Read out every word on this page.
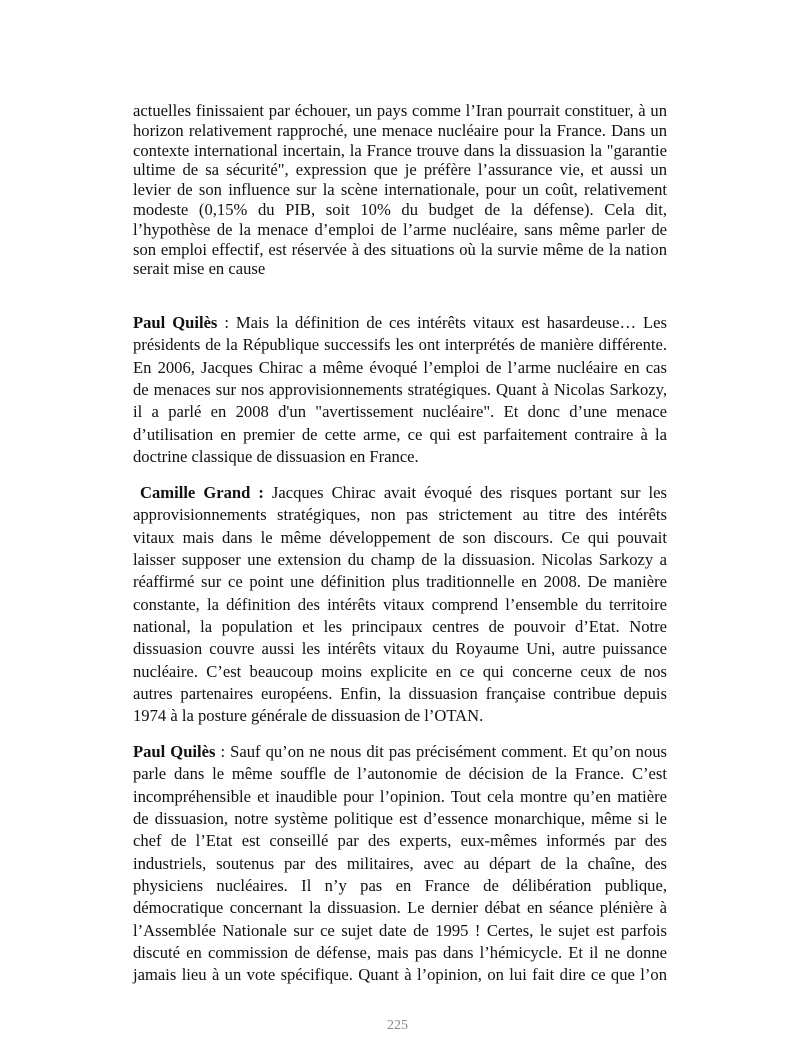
actuelles finissaient par échouer, un pays comme l’Iran pourrait constituer, à un
horizon relativement rapproché, une menace nucléaire pour la France. Dans un
contexte international incertain, la France trouve dans la dissuasion la "garantie
ultime de sa sécurité", expression que je préfère l’assurance vie, et aussi un
levier de son influence sur la scène internationale, pour un coût, relativement
modeste (0,15% du PIB, soit 10% du budget de la défense). Cela dit,
l’hypothèse de la menace d’emploi de l’arme nucléaire, sans même parler de
son emploi effectif, est réservée à des situations où la survie même de la nation
serait mise en cause
Paul Quilès : Mais la définition de ces intérêts vitaux est hasardeuse… Les
présidents de la République successifs les ont interprétés de manière différente.
En 2006, Jacques Chirac a même évoqué l’emploi de l’arme nucléaire en cas
de menaces sur nos approvisionnements stratégiques. Quant à Nicolas Sarkozy,
il a parlé en 2008 d'un "avertissement nucléaire". Et donc d’une menace
d’utilisation en premier de cette arme, ce qui est parfaitement contraire à la
doctrine classique de dissuasion en France.
Camille Grand : Jacques Chirac avait évoqué des risques portant sur les
approvisionnements stratégiques, non pas strictement au titre des intérêts
vitaux mais dans le même développement de son discours. Ce qui pouvait
laisser supposer une extension du champ de la dissuasion. Nicolas Sarkozy a
réaffirmé sur ce point une définition plus traditionnelle en 2008. De manière
constante, la définition des intérêts vitaux comprend l’ensemble du territoire
national, la population et les principaux centres de pouvoir d’Etat. Notre
dissuasion couvre aussi les intérêts vitaux du Royaume Uni, autre puissance
nucléaire. C’est beaucoup moins explicite en ce qui concerne ceux de nos
autres partenaires européens. Enfin, la dissuasion française contribue depuis
1974 à la posture générale de dissuasion de l’OTAN.
Paul Quilès : Sauf qu’on ne nous dit pas précisément comment. Et qu’on nous
parle dans le même souffle de l’autonomie de décision de la France. C’est
incompréhensible et inaudible pour l’opinion. Tout cela montre qu’en matière
de dissuasion, notre système politique est d’essence monarchique, même si le
chef de l’Etat est conseillé par des experts, eux-mêmes informés par des
industriels, soutenus par des militaires, avec au départ de la chaîne, des
physiciens nucléaires. Il n’y pas en France de délibération publique,
démocratique concernant la dissuasion. Le dernier débat en séance plénière à
l’Assemblée Nationale sur ce sujet date de 1995 ! Certes, le sujet est parfois
discuté en commission de défense, mais pas dans l’hémicycle. Et il ne donne
jamais lieu à un vote spécifique. Quant à l’opinion, on lui fait dire ce que l’on
225
